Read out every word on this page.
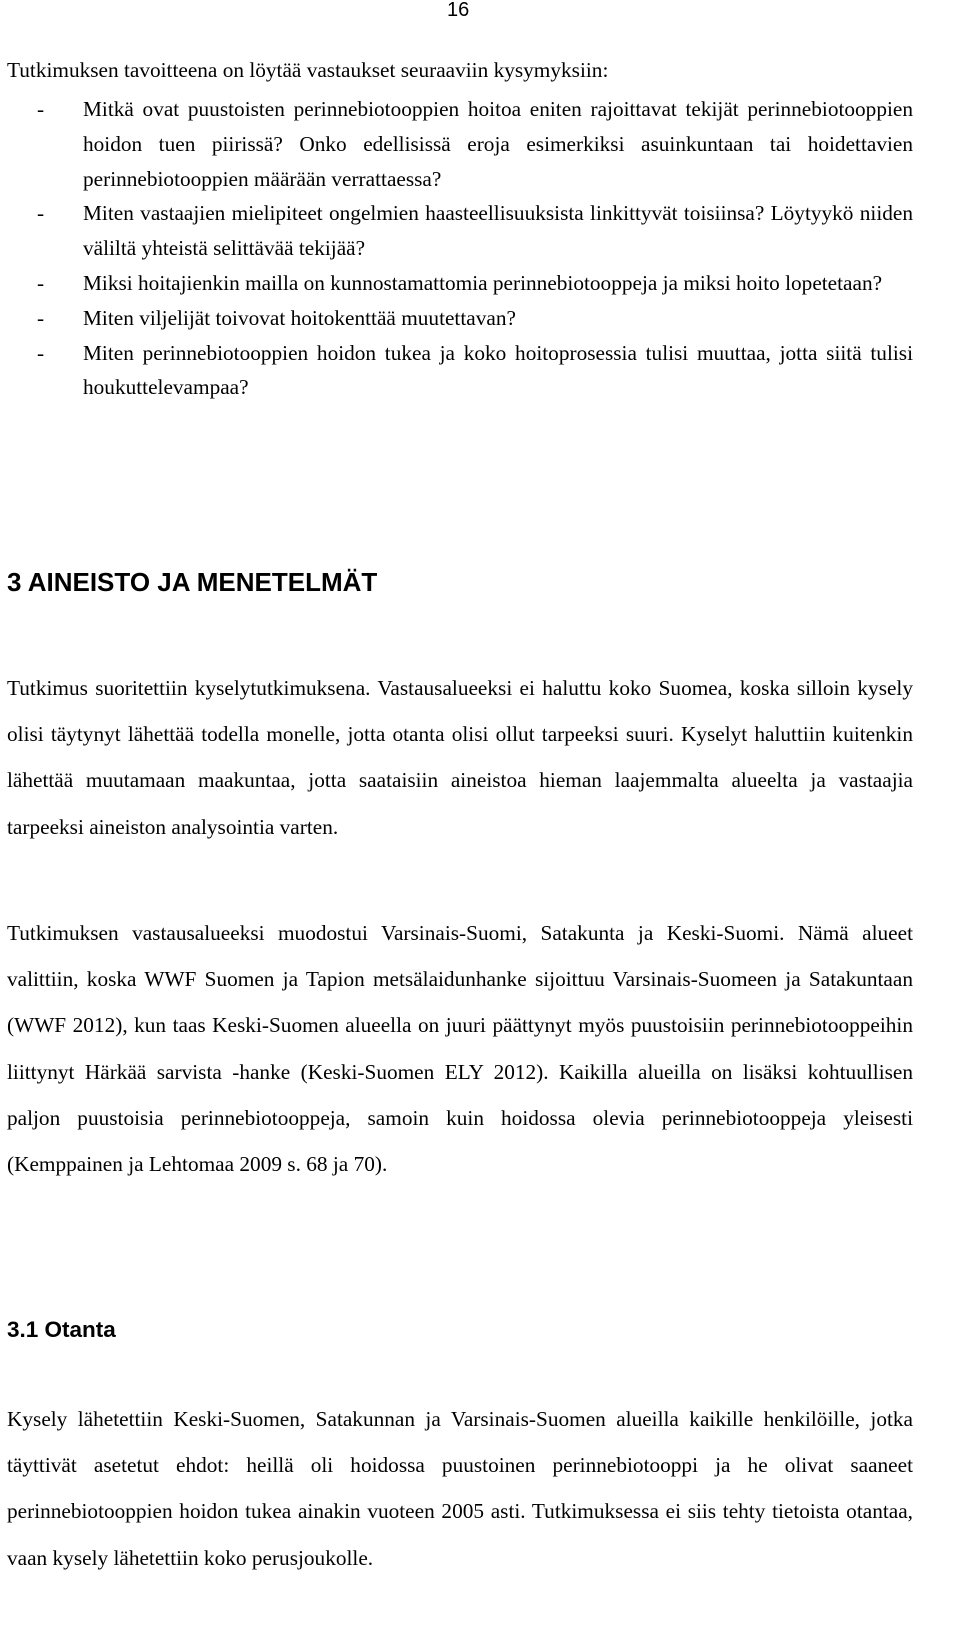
16

Tutkimuksen tavoitteena on löytää vastaukset seuraaviin kysymyksiin:

- Mitkä ovat puustoisten perinnebiotooppien hoitoa eniten rajoittavat tekijät perinnebiotooppien hoidon tuen piirissä? Onko edellisissä eroja esimerkiksi asuinkuntaan tai hoidettavien perinnebiotooppien määrään verrattaessa?
- Miten vastaajien mielipiteet ongelmien haasteellisuuksista linkittyvät toisiinsa? Löytyykö niiden väliltä yhteistä selittävää tekijää?
- Miksi hoitajienkin mailla on kunnostamattomia perinnebiotooppeja ja miksi hoito lopetetaan?
- Miten viljelijät toivovat hoitokenttää muutettavan?
- Miten perinnebiotooppien hoidon tukea ja koko hoitoprosessia tulisi muuttaa, jotta siitä tulisi houkuttelevampaa?
3 AINEISTO JA MENETELMÄT

Tutkimus suoritettiin kyselytutkimuksena. Vastausalueeksi ei haluttu koko Suomea, koska silloin kysely olisi täytynyt lähettää todella monelle, jotta otanta olisi ollut tarpeeksi suuri. Kyselyt haluttiin kuitenkin lähettää muutamaan maakuntaa, jotta saataisiin aineistoa hieman laajemmalta alueelta ja vastaajia tarpeeksi aineiston analysointia varten.

Tutkimuksen vastausalueeksi muodostui Varsinais-Suomi, Satakunta ja Keski-Suomi. Nämä alueet valittiin, koska WWF Suomen ja Tapion metsälaidunhanke sijoittuu Varsinais-Suomeen ja Satakuntaan (WWF 2012), kun taas Keski-Suomen alueella on juuri päättynyt myös puustoisiin perinnebiotooppeihin liittynyt Härkää sarvista -hanke (Keski-Suomen ELY 2012). Kaikilla alueilla on lisäksi kohtuullisen paljon puustoisia perinnebiotooppeja, samoin kuin hoidossa olevia perinnebiotooppeja yleisesti (Kemppainen ja Lehtomaa 2009 s. 68 ja 70).

3.1 Otanta

Kysely lähetettiin Keski-Suomen, Satakunnan ja Varsinais-Suomen alueilla kaikille henkilöille, jotka täyttivät asetetut ehdot: heillä oli hoidossa puustoinen perinnebiotooppi ja he olivat saaneet perinnebiotooppien hoidon tukea ainakin vuoteen 2005 asti. Tutkimuksessa ei siis tehty tietoista otantaa, vaan kysely lähetettiin koko perusjoukolle.
